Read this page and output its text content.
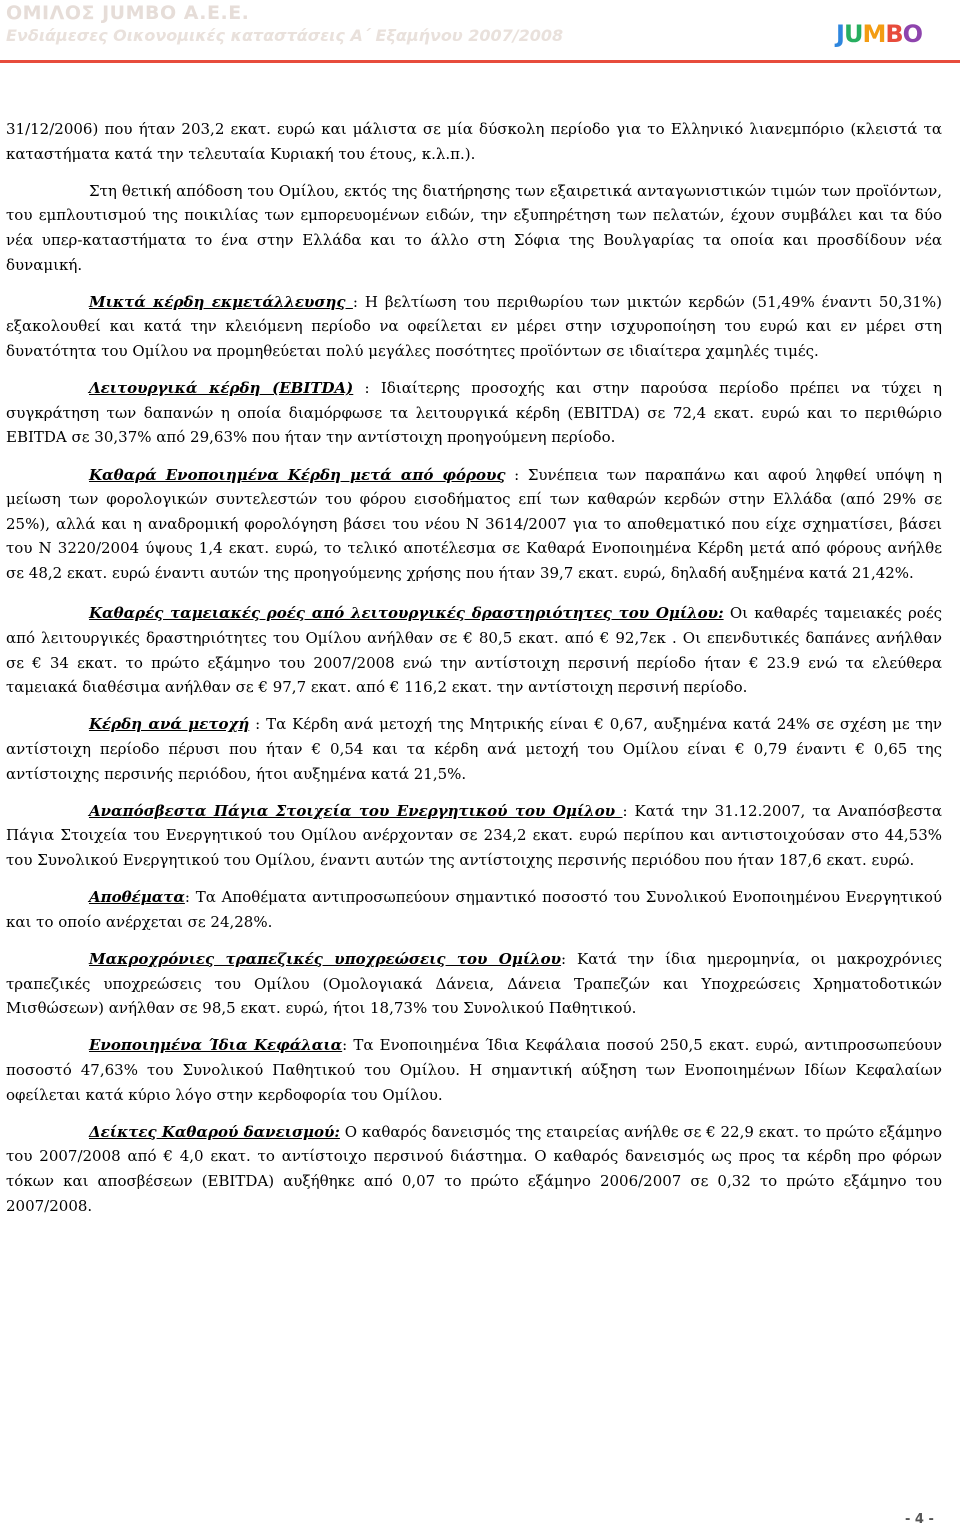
ΟΜΙΛΟΣ JUMBO A.E.E.
Ενδιάμεσες Οικονομικές καταστάσεις Α΄ Εξαμήνου 2007/2008	JUMBO

31/12/2006) που ήταν 203,2 εκατ. ευρώ και μάλιστα σε μία δύσκολη περίοδο για το Ελληνικό λιανεμπόριο (κλειστά τα καταστήματα κατά την τελευταία Κυριακή του έτους, κ.λ.π.).

Στη θετική απόδοση του Ομίλου, εκτός της διατήρησης των εξαιρετικά ανταγωνιστικών τιμών των προϊόντων, του εμπλουτισμού της ποικιλίας των εμπορευομένων ειδών, την εξυπηρέτηση των πελατών, έχουν συμβάλει και τα δύο νέα υπερ-καταστήματα το ένα στην Ελλάδα και το άλλο στη Σόφια της Βουλγαρίας τα οποία και προσδίδουν νέα δυναμική.

Μικτά κέρδη εκμετάλλευσης : Η βελτίωση του περιθωρίου των μικτών κερδών (51,49% έναντι 50,31%) εξακολουθεί και κατά την κλειόμενη περίοδο να οφείλεται εν μέρει στην ισχυροποίηση του ευρώ και εν μέρει στη δυνατότητα του Ομίλου να προμηθεύεται πολύ μεγάλες ποσότητες προϊόντων σε ιδιαίτερα χαμηλές τιμές.

Λειτουργικά κέρδη (EBITDA) : Ιδιαίτερης προσοχής και στην παρούσα περίοδο πρέπει να τύχει η συγκράτηση των δαπανών η οποία διαμόρφωσε τα λειτουργικά κέρδη (EBITDA) σε 72,4 εκατ. ευρώ και το περιθώριο EBITDA σε 30,37% από 29,63% που ήταν την αντίστοιχη προηγούμενη περίοδο.

Καθαρά Ενοποιημένα Κέρδη μετά από φόρους : Συνέπεια των παραπάνω και αφού ληφθεί υπόψη η μείωση των φορολογικών συντελεστών του φόρου εισοδήματος επί των καθαρών κερδών στην Ελλάδα (από 29% σε 25%), αλλά και η αναδρομική φορολόγηση βάσει του νέου Ν 3614/2007 για το αποθεματικό που είχε σχηματίσει, βάσει του Ν 3220/2004 ύψους 1,4 εκατ. ευρώ, το τελικό αποτέλεσμα σε Καθαρά Ενοποιημένα Κέρδη μετά από φόρους ανήλθε σε 48,2 εκατ. ευρώ έναντι αυτών της προηγούμενης χρήσης που ήταν 39,7 εκατ. ευρώ, δηλαδή αυξημένα κατά 21,42%.

Καθαρές ταμειακές ροές από λειτουργικές δραστηριότητες του Ομίλου: Οι καθαρές ταμειακές ροές από λειτουργικές δραστηριότητες του Ομίλου ανήλθαν σε € 80,5 εκατ. από € 92,7εκ . Οι επενδυτικές δαπάνες ανήλθαν σε € 34 εκατ. το πρώτο εξάμηνο του 2007/2008 ενώ την αντίστοιχη περσινή περίοδο ήταν € 23.9 ενώ τα ελεύθερα ταμειακά διαθέσιμα ανήλθαν σε € 97,7 εκατ. από € 116,2 εκατ. την αντίστοιχη περσινή περίοδο.

Κέρδη ανά μετοχή : Τα Κέρδη ανά μετοχή της Μητρικής είναι € 0,67, αυξημένα κατά 24% σε σχέση με την αντίστοιχη περίοδο πέρυσι που ήταν € 0,54 και τα κέρδη ανά μετοχή του Ομίλου είναι € 0,79 έναντι € 0,65 της αντίστοιχης περσινής περιόδου, ήτοι αυξημένα κατά 21,5%.

Αναπόσβεστα Πάγια Στοιχεία του Ενεργητικού του Ομίλου : Κατά την 31.12.2007, τα Αναπόσβεστα Πάγια Στοιχεία του Ενεργητικού του Ομίλου ανέρχονταν σε 234,2 εκατ. ευρώ περίπου και αντιστοιχούσαν στο 44,53% του Συνολικού Ενεργητικού του Ομίλου, έναντι αυτών της αντίστοιχης περσινής περιόδου που ήταν 187,6 εκατ. ευρώ.

Αποθέματα: Τα Αποθέματα αντιπροσωπεύουν σημαντικό ποσοστό του Συνολικού Ενοποιημένου Ενεργητικού και το οποίο ανέρχεται σε 24,28%.

Μακροχρόνιες τραπεζικές υποχρεώσεις του Ομίλου: Κατά την ίδια ημερομηνία, οι μακροχρόνιες τραπεζικές υποχρεώσεις του Ομίλου (Ομολογιακά Δάνεια, Δάνεια Τραπεζών και Υποχρεώσεις Χρηματοδοτικών Μισθώσεων) ανήλθαν σε 98,5 εκατ. ευρώ, ήτοι 18,73% του Συνολικού Παθητικού.

Ενοποιημένα Ίδια Κεφάλαια: Τα Ενοποιημένα Ίδια Κεφάλαια ποσού 250,5 εκατ. ευρώ, αντιπροσωπεύουν ποσοστό 47,63% του Συνολικού Παθητικού του Ομίλου. Η σημαντική αύξηση των Ενοποιημένων Ιδίων Κεφαλαίων οφείλεται κατά κύριο λόγο στην κερδοφορία του Ομίλου.

Δείκτες Καθαρού δανεισμού: Ο καθαρός δανεισμός της εταιρείας ανήλθε σε € 22,9 εκατ. το πρώτο εξάμηνο του 2007/2008 από € 4,0 εκατ. το αντίστοιχο περσινού διάστημα. Ο καθαρός δανεισμός ως προς τα κέρδη προ φόρων τόκων και αποσβέσεων (EBITDA) αυξήθηκε από 0,07 το πρώτο εξάμηνο 2006/2007 σε 0,32 το πρώτο εξάμηνο του 2007/2008.

- 4 -
